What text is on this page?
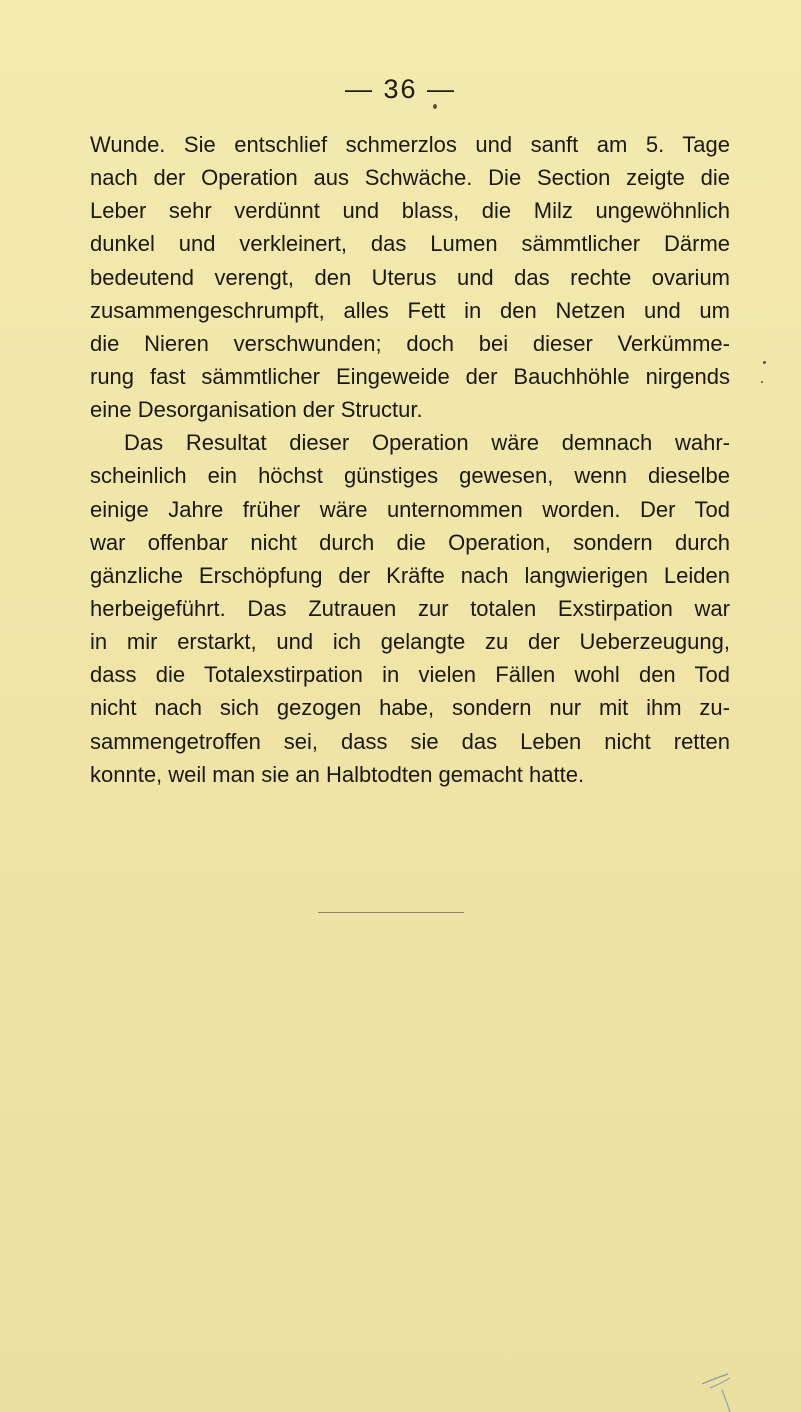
— 36 —
Wunde. Sie entschlief schmerzlos und sanft am 5. Tage
nach der Operation aus Schwäche. Die Section zeigte die
Leber sehr verdünnt und blass, die Milz ungewöhnlich
dunkel und verkleinert, das Lumen sämmtlicher Därme
bedeutend verengt, den Uterus und das rechte ovarium
zusammengeschrumpft, alles Fett in den Netzen und um
die Nieren verschwunden; doch bei dieser Verkümme-
rung fast sämmtlicher Eingeweide der Bauchhöhle nirgends
eine Desorganisation der Structur.
Das Resultat dieser Operation wäre demnach wahr-
scheinlich ein höchst günstiges gewesen, wenn dieselbe
einige Jahre früher wäre unternommen worden. Der Tod
war offenbar nicht durch die Operation, sondern durch
gänzliche Erschöpfung der Kräfte nach langwierigen Leiden
herbeigeführt. Das Zutrauen zur totalen Exstirpation war
in mir erstarkt, und ich gelangte zu der Ueberzeugung,
dass die Totalexstirpation in vielen Fällen wohl den Tod
nicht nach sich gezogen habe, sondern nur mit ihm zu-
sammengetroffen sei, dass sie das Leben nicht retten
konnte, weil man sie an Halbtodten gemacht hatte.
